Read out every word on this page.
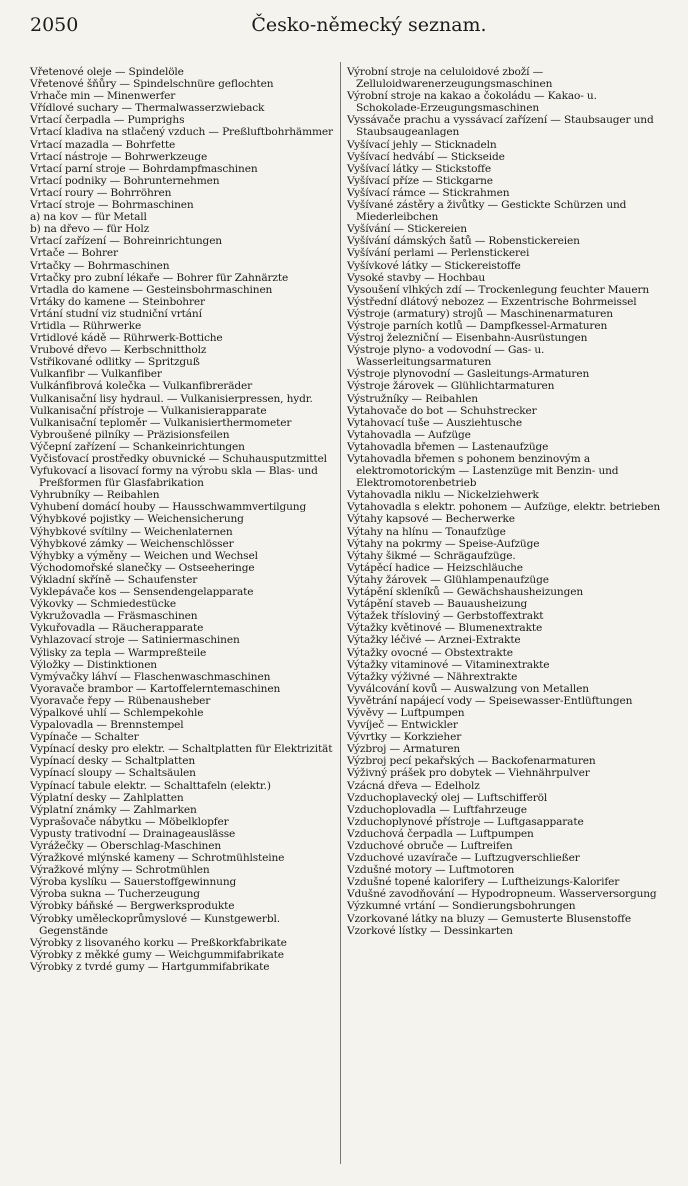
2050	Česko-německý seznam.

Vřetenové oleje — Spindelöle

Vřetenové šňůry — Spindelschnüre geflochten

Vrhače min — Minenwerfer

Vřídlové suchary — Thermalwasserzwieback

Vrtací čerpadla — Pumprighs

Vrtací kladiva na stlačený vzduch — Preßluftbohrhämmer

Vrtací mazadla — Bohrfette

Vrtací nástroje — Bohrwerkzeuge

Vrtací parní stroje — Bohrdampfmaschinen

Vrtací podniky — Bohrunternehmen

Vrtací roury — Bohrröhren

Vrtací stroje — Bohrmaschinen

a) na kov — für Metall

b) na dřevo — für Holz

Vrtací zařízení — Bohreinrichtungen

Vrtače — Bohrer

Vrtačky — Bohrmaschinen

Vrtačky pro zubní lékaře — Bohrer für Zahnärzte

Vrtadla do kamene — Gesteinsbohrmaschinen

Vrtáky do kamene — Steinbohrer

Vrtání studní viz studniční vrtání

Vrtidla — Rührwerke

Vrtidlové kádě — Rührwerk-Bottiche

Vrubové dřevo — Kerbschnittholz

Vstřikované odlitky — Spritzguß

Vulkanfibr — Vulkanfiber

Vulkánfibrová kolečka — Vulkanfibreräder

Vulkanisační lisy hydraul. — Vulkanisierpressen, hydr.

Vulkanisační přístroje — Vulkanisierapparate

Vulkanisační teploměr — Vulkanisierthermometer

Vybroušené pilníky — Präzisionsfeilen

Výčepní zařízení — Schankeinrichtungen

Vyčisťovací prostředky obuvnické — Schuhausputzmittel

Vyfukovací a lisovací formy na výrobu skla — Blas- und Preßformen für Glasfabrikation

Vyhrubníky — Reibahlen

Vyhubení domácí houby — Hausschwammvertilgung

Výhybkové pojistky — Weichensicherung

Výhybkové svítilny — Weichenlaternen

Výhybkové zámky — Weichenschlösser

Výhybky a výměny — Weichen und Wechsel

Východomořské slanečky — Ostseeheringe

Výkladní skříně — Schaufenster

Vyklepávače kos — Sensendengelapparate

Výkovky — Schmiedestücke

Vykružovadla — Fräsmaschinen

Vykuřovadla — Räucherapparate

Vyhlazovací stroje — Satiniermaschinen

Výlisky za tepla — Warmpreßteile

Výložky — Distinktionen

Vymývačky láhví — Flaschenwaschmaschinen

Vyoravače brambor — Kartoffelerntemaschinen

Vyoravače řepy — Rübenausheber

Výpalkové uhlí — Schlempekohle

Vypalovadla — Brennstempel

Vypínače — Schalter

Vypínací desky pro elektr. — Schaltplatten für Elektrizität

Vypínací desky — Schaltplatten

Vypínací sloupy — Schaltsäulen

Vypínací tabule elektr. — Schalttafeln (elektr.)

Výplatní desky — Zahlplatten

Výplatní známky — Zahlmarken

Vyprašovače nábytku — Möbelklopfer

Vypusty trativodní — Drainageauslässe

Vyrážečky — Oberschlag-Maschinen

Výražkové mlýnské kameny — Schrotmühlsteine

Výražkové mlýny — Schrotmühlen

Výroba kyslíku — Sauerstoffgewinnung

Výroba sukna — Tucherzeugung

Výrobky báňské — Bergwerksprodukte

Výrobky uměleckoprůmyslové — Kunstgewerbl. Gegenstände

Výrobky z lisovaného korku — Preßkorkfabrikate

Výrobky z měkké gumy — Weichgummifabrikate

Výrobky z tvrdé gumy — Hartgummifabrikate

Výrobní stroje na celuloidové zboží — Zelluloidwarenerzeugungsmaschinen

Výrobní stroje na kakao a čokoládu — Kakao- u. Schokolade-Erzeugungsmaschinen

Vyssávače prachu a vyssávací zařízení — Staubsauger und Staubsaugeanlagen

Vyšívací jehly — Sticknadeln

Vyšívací hedvábí — Stickseide

Vyšívací látky — Stickstoffe

Vyšívací příze — Stickgarne

Vyšívací rámce — Stickrahmen

Vyšívané zástěry a živůtky — Gestickte Schürzen und Miederleibchen

Vyšívání — Stickereien

Vyšívání dámských šatů — Robenstickereien

Vyšívání perlami — Perlenstickerei

Vyšívkové látky — Stickereistoffe

Vysoké stavby — Hochbau

Vysoušení vlhkých zdí — Trockenlegung feuchter Mauern

Výstřední dlátový nebozez — Exzentrische Bohrmeissel

Výstroje (armatury) strojů — Maschinenarmaturen

Výstroje parních kotlů — Dampfkessel-Armaturen

Výstroj železniční — Eisenbahn-Ausrüstungen

Výstroje plyno- a vodovodní — Gas- u. Wasserleitungsarmaturen

Výstroje plynovodní — Gasleitungs-Armaturen

Výstroje žárovek — Glühlichtarmaturen

Výstružníky — Reibahlen

Vytahovače do bot — Schuhstrecker

Vytahovací tuše — Ausziehtusche

Vytahovadla — Aufzüge

Vytahovadla břemen — Lastenaufzüge

Vytahovadla břemen s pohonem benzinovým a elektromotorickým — Lastenzüge mit Benzin- und Elektromotorenbetrieb

Vytahovadla niklu — Nickelziehwerk

Vytahovadla s elektr. pohonem — Aufzüge, elektr. betrieben

Výtahy kapsové — Becherwerke

Výtahy na hlínu — Tonaufzüge

Výtahy na pokrmy — Speise-Aufzüge

Výtahy šikmé — Schrägaufzüge.

Vytápěcí hadice — Heizschläuche

Výtahy žárovek — Glühlampenaufzüge

Vytápění skleníků — Gewächshausheizungen

Vytápění staveb — Bauausheizung

Výtažek třísloviný — Gerbstoffextrakt

Výtažky květinové — Blumenextrakte

Výtažky léčivé — Arznei-Extrakte

Výtažky ovocné — Obstextrakte

Výtažky vitaminové — Vitaminextrakte

Výtažky výživné — Nährextrakte

Vyválcování kovů — Auswalzung von Metallen

Vyvětrání napájecí vody — Speisewasser-Entlüftungen

Vývěvy — Luftpumpen

Vyvíječ — Entwickler

Vývrtky — Korkzieher

Výzbroj — Armaturen

Výzbroj pecí pekařských — Backofenarmaturen

Výživný prášek pro dobytek — Viehnährpulver

Vzácná dřeva — Edelholz

Vzduchoplavecký olej — Luftschifferöl

Vzduchoplovadla — Luftfahrzeuge

Vzduchoplynové přístroje — Luftgasapparate

Vzduchová čerpadla — Luftpumpen

Vzduchové obruče — Luftreifen

Vzduchové uzavírače — Luftzugverschließer

Vzdušné motory — Luftmotoren

Vzdušné topené kalorifery — Luftheizungs-Kalorifer

Vdušné zavodňování — Hypodropneum. Wasserversorgung

Výzkumné vrtání — Sondierungsbohrungen

Vzorkované látky na bluzy — Gemusterte Blusenstoffe

Vzorkové lístky — Dessinkarten
